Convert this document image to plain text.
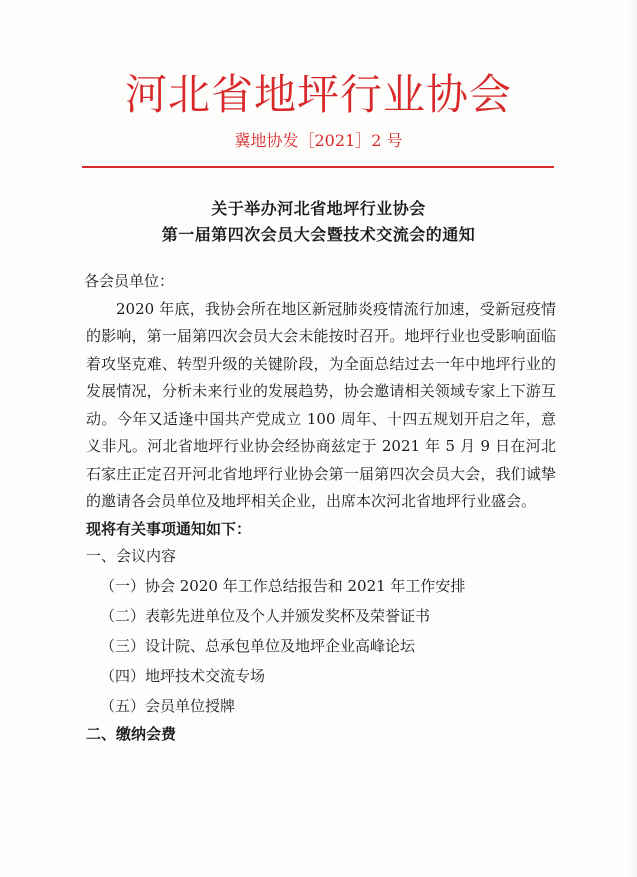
河北省地坪行业协会
冀地协发［2021］2 号
关于举办河北省地坪行业协会
第一届第四次会员大会暨技术交流会的通知

各会员单位：

2020 年底，我协会所在地区新冠肺炎疫情流行加速，受新冠疫情的影响，第一届第四次会员大会未能按时召开。地坪行业也受影响面临着攻坚克难、转型升级的关键阶段，为全面总结过去一年中地坪行业的发展情况，分析未来行业的发展趋势，协会邀请相关领域专家上下游互动。今年又适逢中国共产党成立 100 周年、十四五规划开启之年，意义非凡。河北省地坪行业协会经协商兹定于 2021 年 5 月 9 日在河北石家庄正定召开河北省地坪行业协会第一届第四次会员大会，我们诚挚的邀请各会员单位及地坪相关企业，出席本次河北省地坪行业盛会。

现将有关事项通知如下：

一、会议内容

（一）协会 2020 年工作总结报告和 2021 年工作安排

（二）表彰先进单位及个人并颁发奖杯及荣誉证书

（三）设计院、总承包单位及地坪企业高峰论坛

（四）地坪技术交流专场

（五）会员单位授牌

二、缴纳会费
